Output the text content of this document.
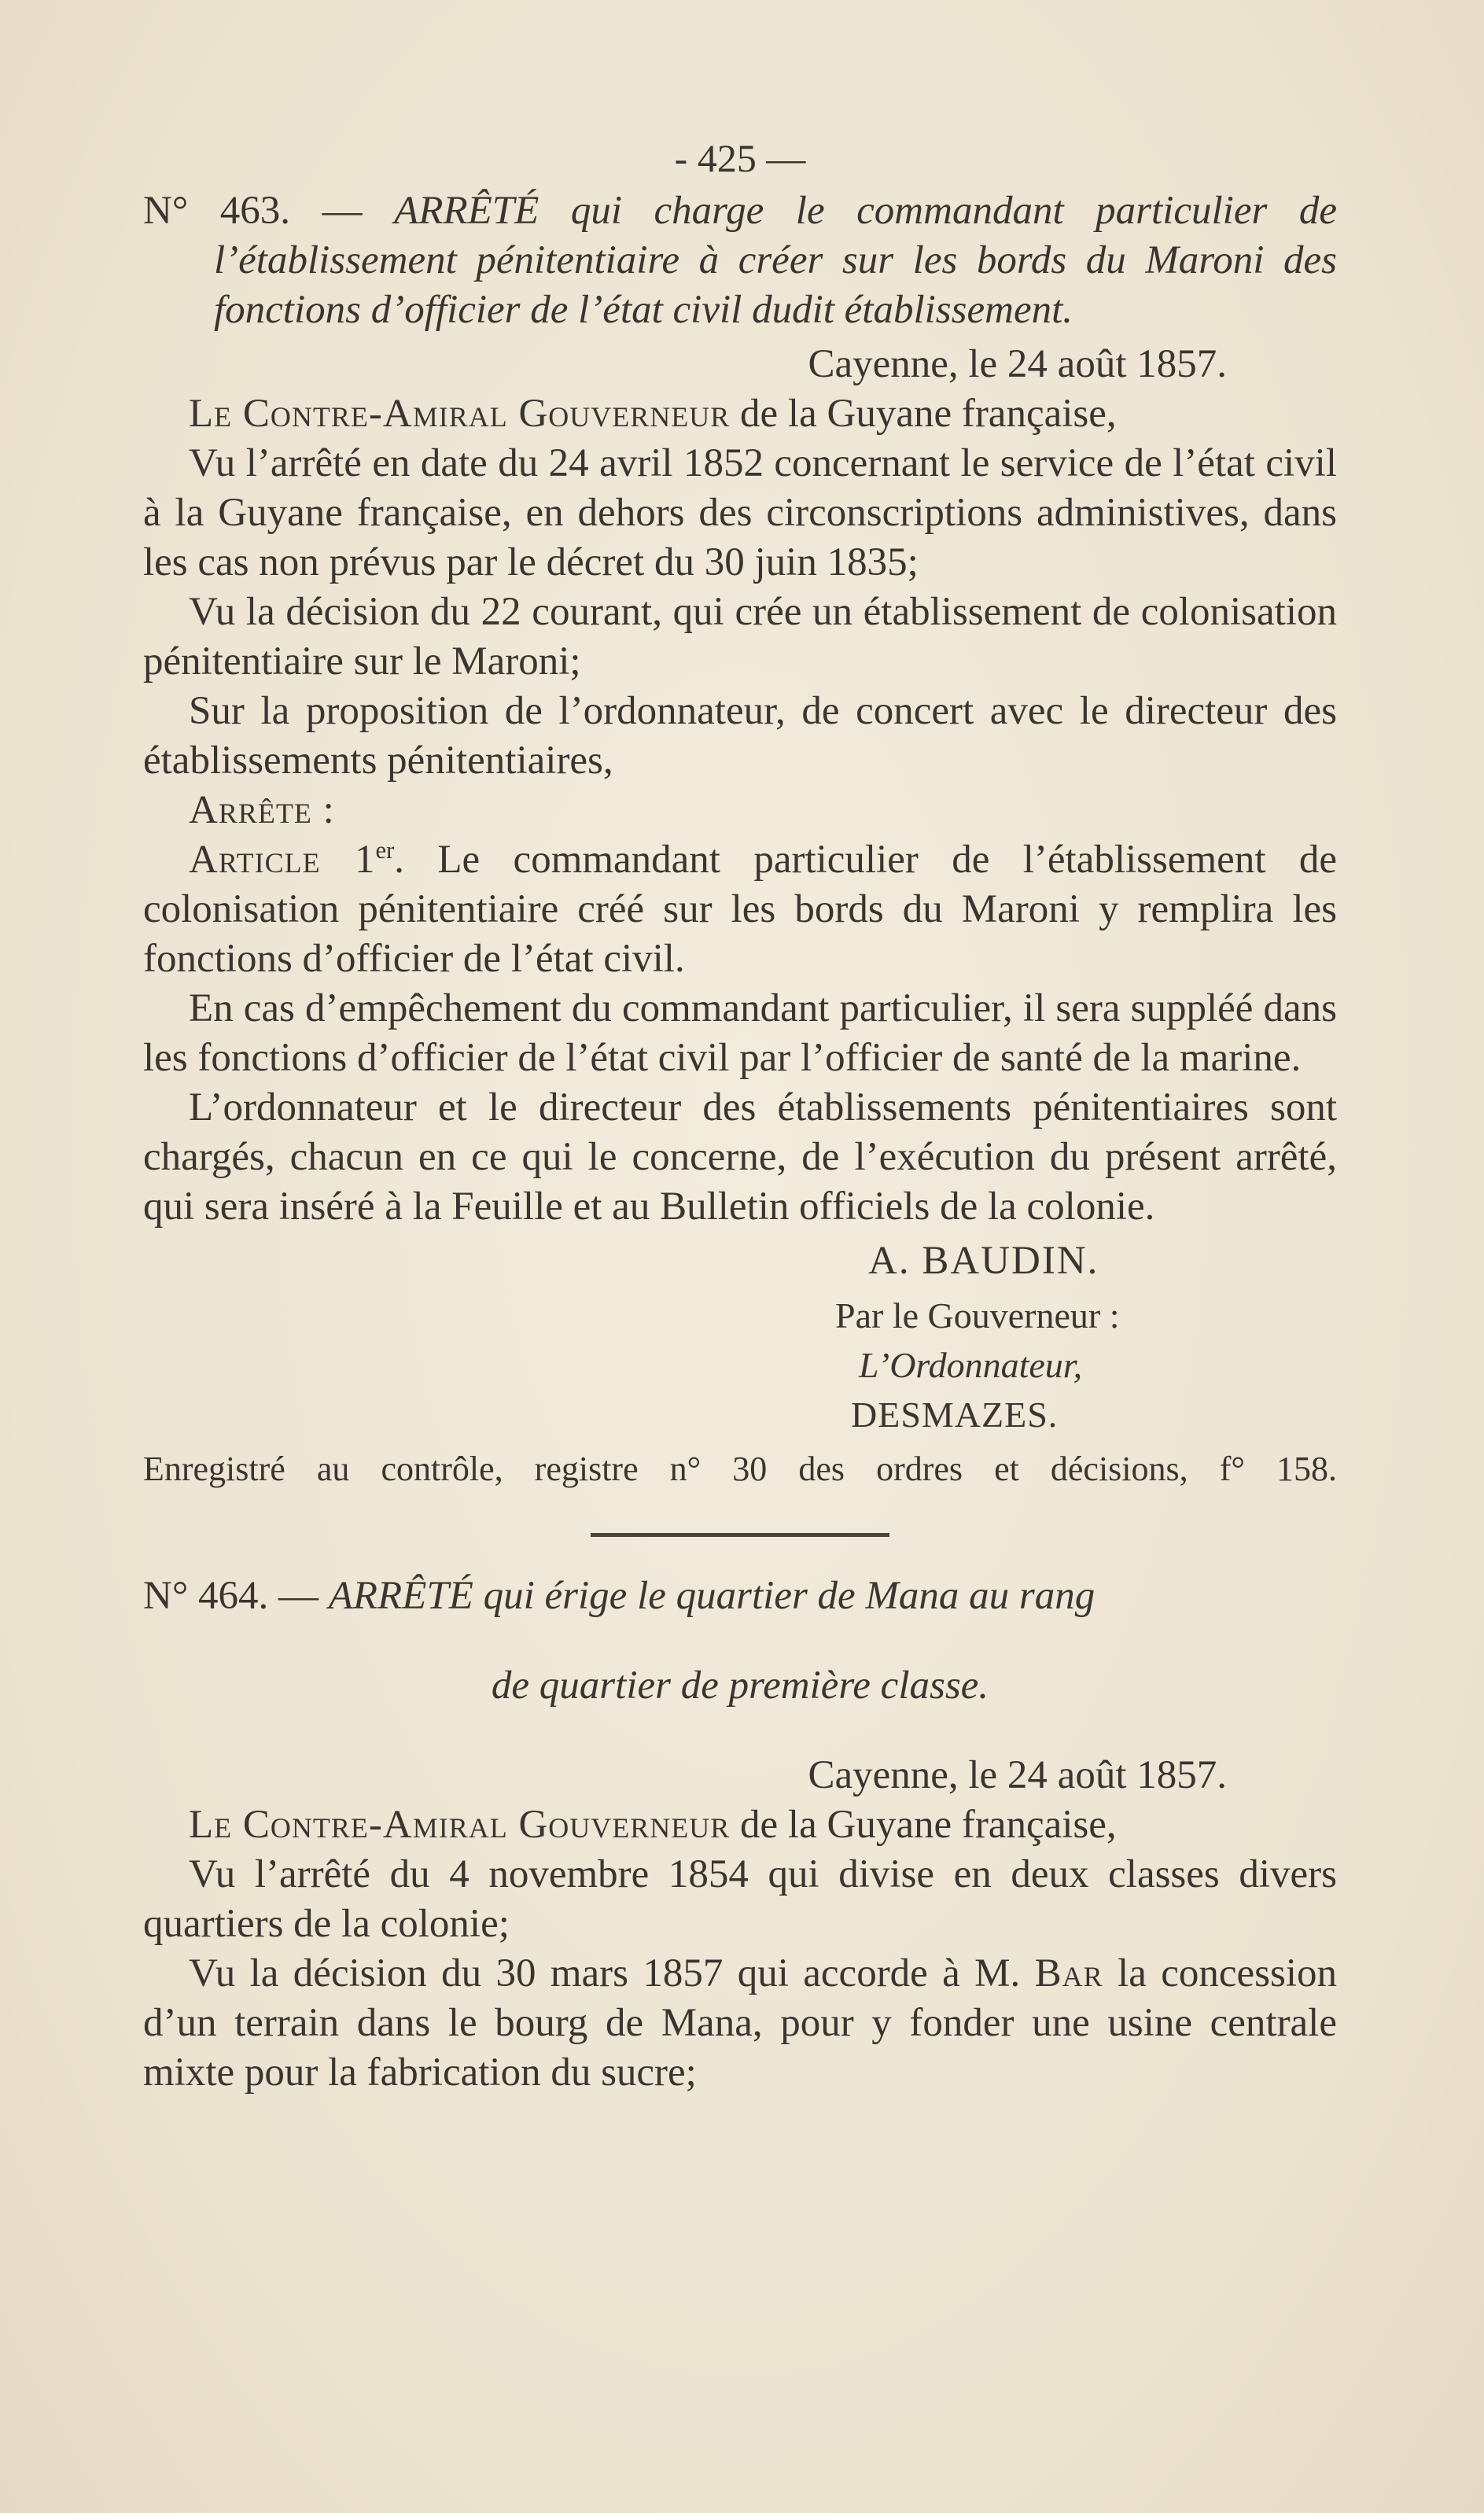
- 425 —

N° 463. — ARRÊTÉ qui charge le commandant particulier de l’établissement pénitentiaire à créer sur les bords du Maroni des fonctions d’officier de l’état civil dudit établissement.

Cayenne, le 24 août 1857.

Le Contre-Amiral Gouverneur de la Guyane française,

Vu l’arrêté en date du 24 avril 1852 concernant le service de l’état civil à la Guyane française, en dehors des circonscriptions administives, dans les cas non prévus par le décret du 30 juin 1835;

Vu la décision du 22 courant, qui crée un établissement de colonisation pénitentiaire sur le Maroni;

Sur la proposition de l’ordonnateur, de concert avec le directeur des établissements pénitentiaires,

Arrête :

Article 1er. Le commandant particulier de l’établissement de colonisation pénitentiaire créé sur les bords du Maroni y remplira les fonctions d’officier de l’état civil.

En cas d’empêchement du commandant particulier, il sera suppléé dans les fonctions d’officier de l’état civil par l’officier de santé de la marine.

L’ordonnateur et le directeur des établissements pénitentiaires sont chargés, chacun en ce qui le concerne, de l’exécution du présent arrêté, qui sera inséré à la Feuille et au Bulletin officiels de la colonie.

A. BAUDIN.

Par le Gouverneur :

L’Ordonnateur,

DESMAZES.

Enregistré au contrôle, registre n° 30 des ordres et décisions, f° 158.

N° 464. — ARRÊTÉ qui érige le quartier de Mana au rang

de quartier de première classe.

Cayenne, le 24 août 1857.

Le Contre-Amiral Gouverneur de la Guyane française,

Vu l’arrêté du 4 novembre 1854 qui divise en deux classes divers quartiers de la colonie;

Vu la décision du 30 mars 1857 qui accorde à M. Bar la concession d’un terrain dans le bourg de Mana, pour y fonder une usine centrale mixte pour la fabrication du sucre;
